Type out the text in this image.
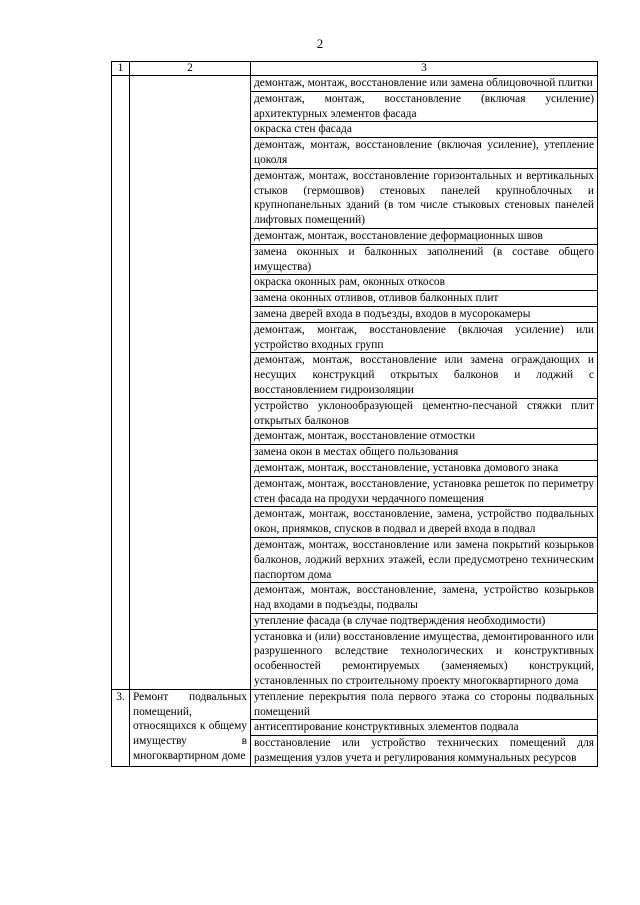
2
1	2	3
		демонтаж, монтаж, восстановление или замена облицовочной плитки
		демонтаж, монтаж, восстановление (включая усиление) архитектурных элементов фасада
		окраска стен фасада
		демонтаж, монтаж, восстановление (включая усиление), утепление цоколя
		демонтаж, монтаж, восстановление горизонтальных и вертикальных стыков (гермошвов) стеновых панелей крупноблочных и крупнопанельных зданий (в том числе стыковых стеновых панелей лифтовых помещений)
		демонтаж, монтаж, восстановление деформационных швов
		замена оконных и балконных заполнений (в составе общего имущества)
		окраска оконных рам, оконных откосов
		замена оконных отливов, отливов балконных плит
		замена дверей входа в подъезды, входов в мусорокамеры
		демонтаж, монтаж, восстановление (включая усиление) или устройство входных групп
		демонтаж, монтаж, восстановление или замена ограждающих и несущих конструкций открытых балконов и лоджий с восстановлением гидроизоляции
		устройство уклонообразующей цементно-песчаной стяжки плит открытых балконов
		демонтаж, монтаж, восстановление отмостки
		замена окон в местах общего пользования
		демонтаж, монтаж, восстановление, установка домового знака
		демонтаж, монтаж, восстановление, установка решеток по периметру стен фасада на продухи чердачного помещения
		демонтаж, монтаж, восстановление, замена, устройство подвальных окон, приямков, спусков в подвал и дверей входа в подвал
		демонтаж, монтаж, восстановление или замена покрытий козырьков балконов, лоджий верхних этажей, если предусмотрено техническим паспортом дома
		демонтаж, монтаж, восстановление, замена, устройство козырьков над входами в подъезды, подвалы
		утепление фасада (в случае подтверждения необходимости)
		установка и (или) восстановление имущества, демонтированного или разрушенного вследствие технологических и конструктивных особенностей ремонтируемых (заменяемых) конструкций, установленных по строительному проекту многоквартирного дома
3.	Ремонт подвальных помещений, относящихся к общему имуществу в многоквартирном доме	утепление перекрытия пола первого этажа со стороны подвальных помещений
		антисептирование конструктивных элементов подвала
		восстановление или устройство технических помещений для размещения узлов учета и регулирования коммунальных ресурсов
